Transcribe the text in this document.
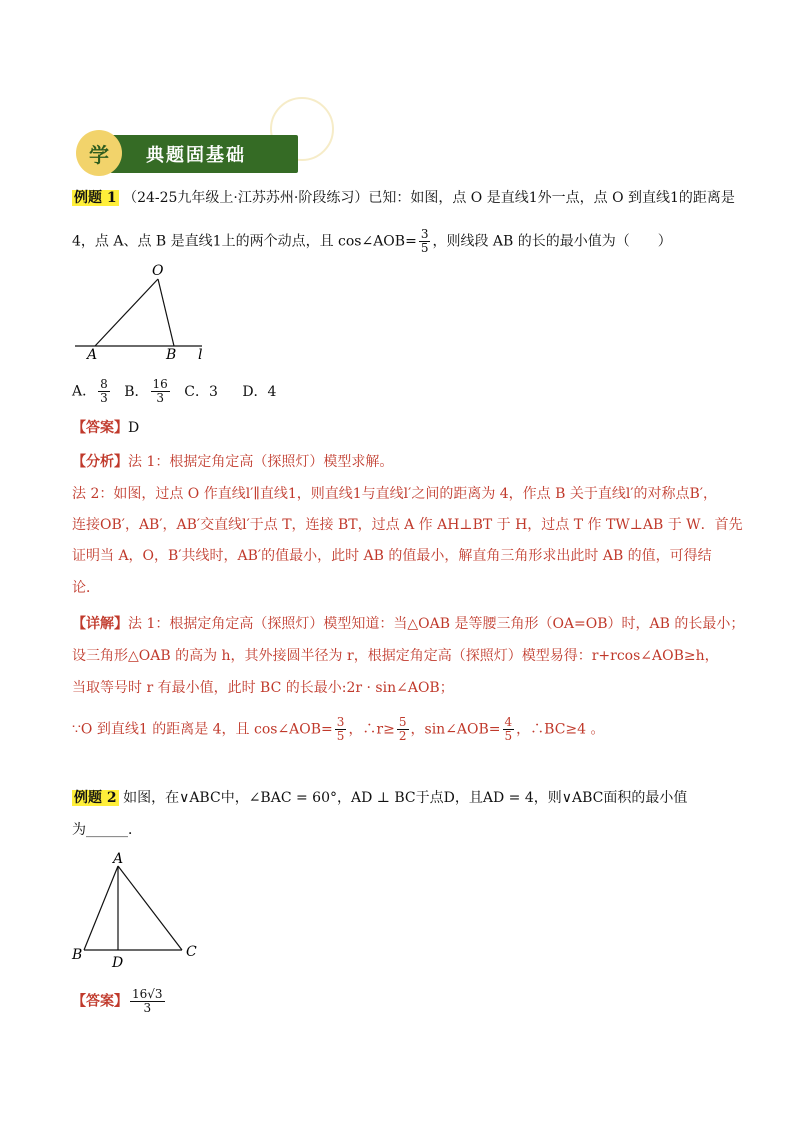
典题固基础
学
例题 1 （24-25九年级上·江苏苏州·阶段练习）已知：如图，点 O 是直线1外一点，点 O 到直线1的距离是
4，点 A、点 B 是直线1上的两个动点，且 cos∠AOB= $\frac{3}{5}$ ，则线段 AB 的长的最小值为（　　）
O
A	B l
A． $\frac{8}{3}$ B． $\frac{16}{3}$ C．3 D．4
【答案】D
【分析】法 1：根据定角定高（探照灯）模型求解。
法 2：如图，过点 O 作直线l′∥直线1，则直线1与直线l′之间的距离为 4，作点 B 关于直线l′的对称点B′，
连接OB′，AB′，AB′交直线l′于点 T，连接 BT，过点 A 作 AH⊥BT 于 H，过点 T 作 TW⊥AB 于 W．首先
证明当 A，O，B′共线时，AB′的值最小，此时 AB 的值最小，解直角三角形求出此时 AB 的值，可得结
论．
【详解】法 1：根据定角定高（探照灯）模型知道：当△OAB 是等腰三角形（OA=OB）时，AB 的长最小；
设三角形△OAB 的高为 h，其外接圆半径为 r，根据定角定高（探照灯）模型易得：r+rcos∠AOB≥h，
当取等号时 r 有最小值，此时 BC 的长最小:2r · sin∠AOB；
∵O 到直线1 的距离是 4，且 cos∠AOB= $\frac{3}{5}$ ，∴r≥ $\frac{5}{2}$ ，sin∠AOB= $\frac{4}{5}$ ，∴BC≥4 。
例题 2 如图，在∨ABC中，∠BAC = 60°，AD ⊥ BC于点D，且AD = 4，则∨ABC面积的最小值
为______．
A
B	C
D
【答案】 $\frac{16√3}{3}$
